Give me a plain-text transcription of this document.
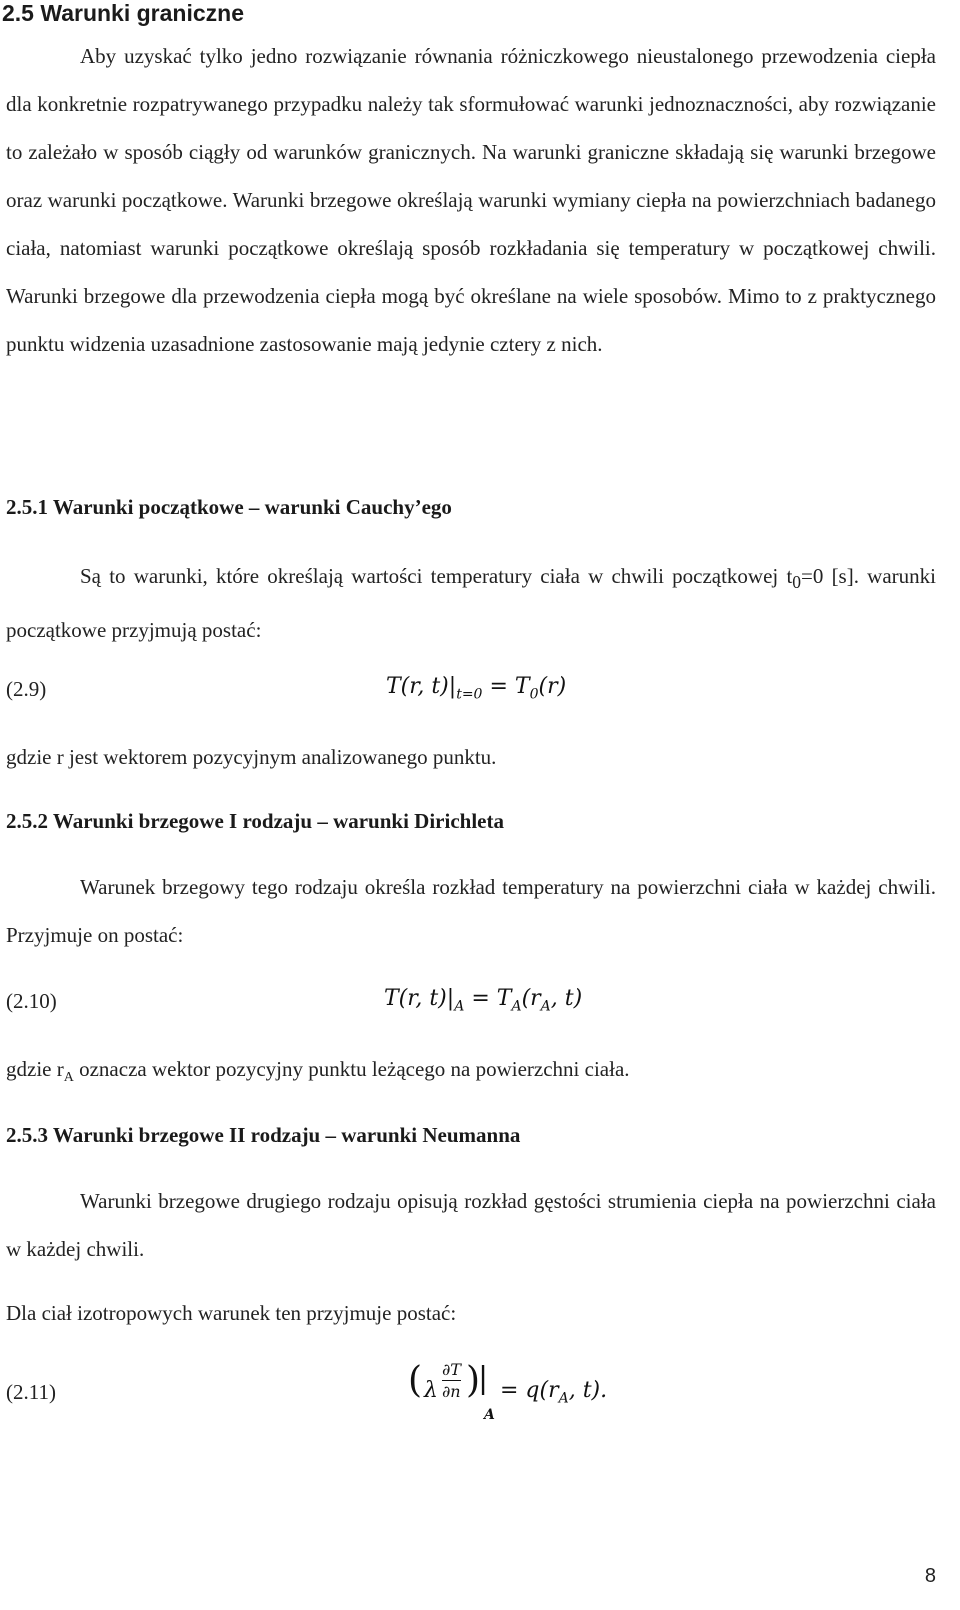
2.5 Warunki graniczne

Aby uzyskać tylko jedno rozwiązanie równania różniczkowego nieustalonego przewodzenia ciepła dla konkretnie rozpatrywanego przypadku należy tak sformułować warunki jednoznaczności, aby rozwiązanie to zależało w sposób ciągły od warunków granicznych. Na warunki graniczne składają się warunki brzegowe oraz warunki początkowe. Warunki brzegowe określają warunki wymiany ciepła na powierzchniach badanego ciała, natomiast warunki początkowe określają sposób rozkładania się temperatury w początkowej chwili. Warunki brzegowe dla przewodzenia ciepła mogą być określane na wiele sposobów. Mimo to z praktycznego punktu widzenia uzasadnione zastosowanie mają jedynie cztery z nich.

2.5.1 Warunki początkowe – warunki Cauchy’ego

Są to warunki, które określają wartości temperatury ciała w chwili początkowej $t_0=0$ [s]. warunki początkowe przyjmują postać:

(2.9)	T(r, $t)|_{t=0} = T_0(r)$
gdzie r jest wektorem pozycyjnym analizowanego punktu.
2.5.2 Warunki brzegowe I rodzaju – warunki Dirichleta

Warunek brzegowy tego rodzaju określa rozkład temperatury na powierzchni ciała w każdej chwili. Przyjmuje on postać:

(2.10)	T(r, $t)|_A = T_A(r_A$, t)
gdzie $r_A$ oznacza wektor pozycyjny punktu leżącego na powierzchni ciała.
2.5.3 Warunki brzegowe II rodzaju – warunki Neumanna

Warunki brzegowe drugiego rodzaju opisują rozkład gęstości strumienia ciepła na powierzchni ciała w każdej chwili.

Dla ciał izotropowych warunek ten przyjmuje postać:
(2.11)	( λ
∂T
∂n )
|
A
= $q(r_A$, t).
8
